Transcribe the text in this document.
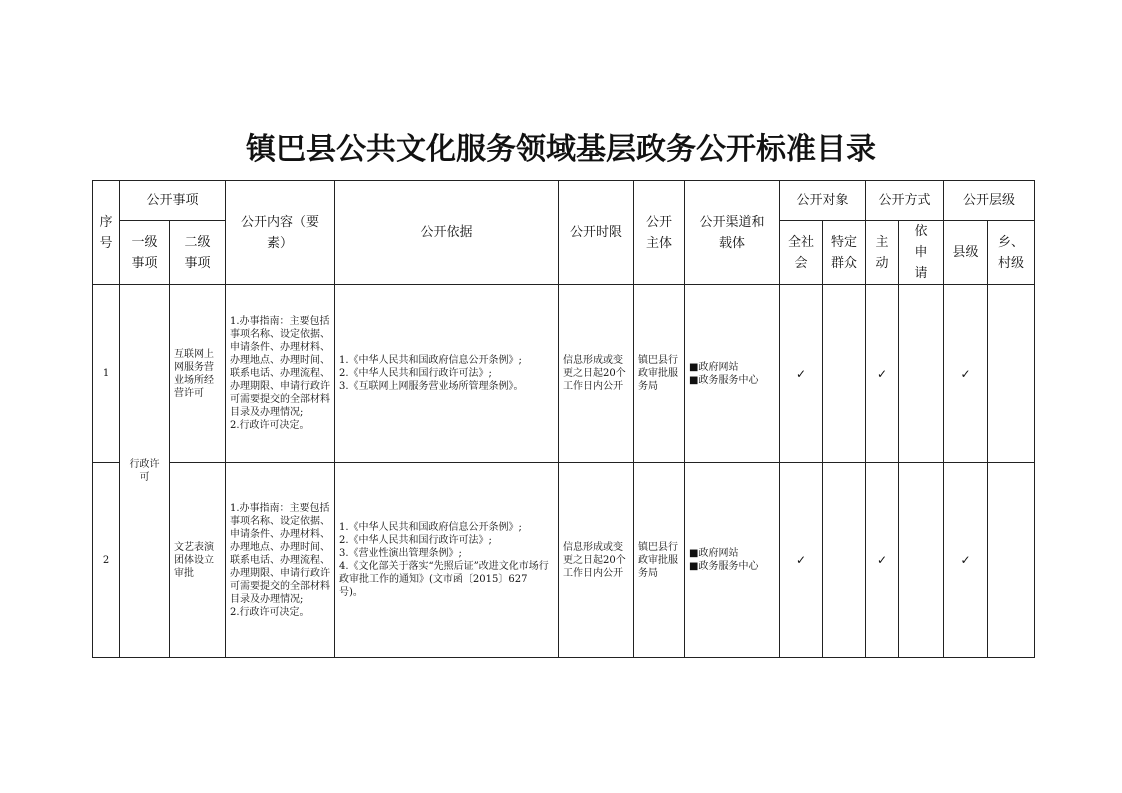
镇巴县公共文化服务领域基层政务公开标准目录
序号	公开事项		公开内容（要素）	公开依据	公开时限	公开主体	公开渠道和载体	公开对象		公开方式		公开层级	
	一级事项	二级事项						全社会	特定群众	主动	依申请	县级	乡、村级
1	行政许可	互联网上网服务营业场所经营许可	1.办事指南：主要包括事项名称、设定依据、申请条件、办理材料、办理地点、办理时间、联系电话、办理流程、办理期限、申请行政许可需要提交的全部材料目录及办理情况;
2.行政许可决定。	1.《中华人民共和国政府信息公开条例》;
2.《中华人民共和国行政许可法》;
3.《互联网上网服务营业场所管理条例》。	信息形成或变更之日起20个工作日内公开	镇巴县行政审批服务局	■政府网站
■政务服务中心	✓		✓		✓	
2		文艺表演团体设立审批	1.办事指南：主要包括事项名称、设定依据、申请条件、办理材料、办理地点、办理时间、联系电话、办理流程、办理期限、申请行政许可需要提交的全部材料目录及办理情况;
2.行政许可决定。	1.《中华人民共和国政府信息公开条例》;
2.《中华人民共和国行政许可法》;
3.《营业性演出管理条例》;
4.《文化部关于落实“先照后证”改进文化市场行政审批工作的通知》(文市函〔2015〕627 号)。	信息形成或变更之日起20个工作日内公开	镇巴县行政审批服务局	■政府网站
■政务服务中心	✓		✓		✓	
